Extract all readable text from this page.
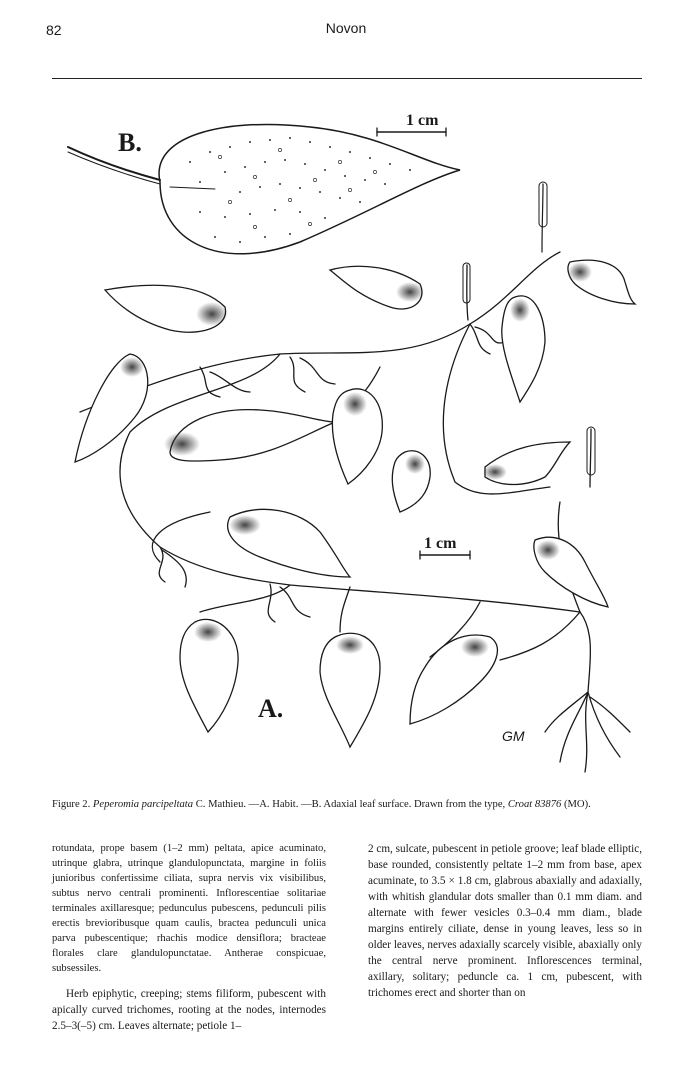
82	Novon
B.
A.
1 cm
1 cm
GM
Figure 2. Peperomia parcipeltata C. Mathieu. —A. Habit. —B. Adaxial leaf surface. Drawn from the type, Croat 83876 (MO).

rotundata, prope basem (1–2 mm) peltata, apice acuminato, utrinque glabra, utrinque glandulopunctata, margine in foliis junioribus confertissime ciliata, supra nervis vix visibilibus, subtus nervo centrali prominenti. Inflorescentiae solitariae terminales axillaresque; pedunculus pubescens, pedunculi pilis erectis brevioribusque quam caulis, bractea pedunculi unica parva pubescentique; rhachis modice densiflora; bracteae florales clare glandulopunctatae. Antherae conspicuae, subsessiles.

Herb epiphytic, creeping; stems filiform, pubescent with apically curved trichomes, rooting at the nodes, internodes 2.5–3(–5) cm. Leaves alternate; petiole 1–

2 cm, sulcate, pubescent in petiole groove; leaf blade elliptic, base rounded, consistently peltate 1–2 mm from base, apex acuminate, to 3.5 × 1.8 cm, glabrous abaxially and adaxially, with whitish glandular dots smaller than 0.1 mm diam. and alternate with fewer vesicles 0.3–0.4 mm diam., blade margins entirely ciliate, dense in young leaves, less so in older leaves, nerves adaxially scarcely visible, abaxially only the central nerve prominent. Inflorescences terminal, axillary, solitary; peduncle ca. 1 cm, pubescent, with trichomes erect and shorter than on
